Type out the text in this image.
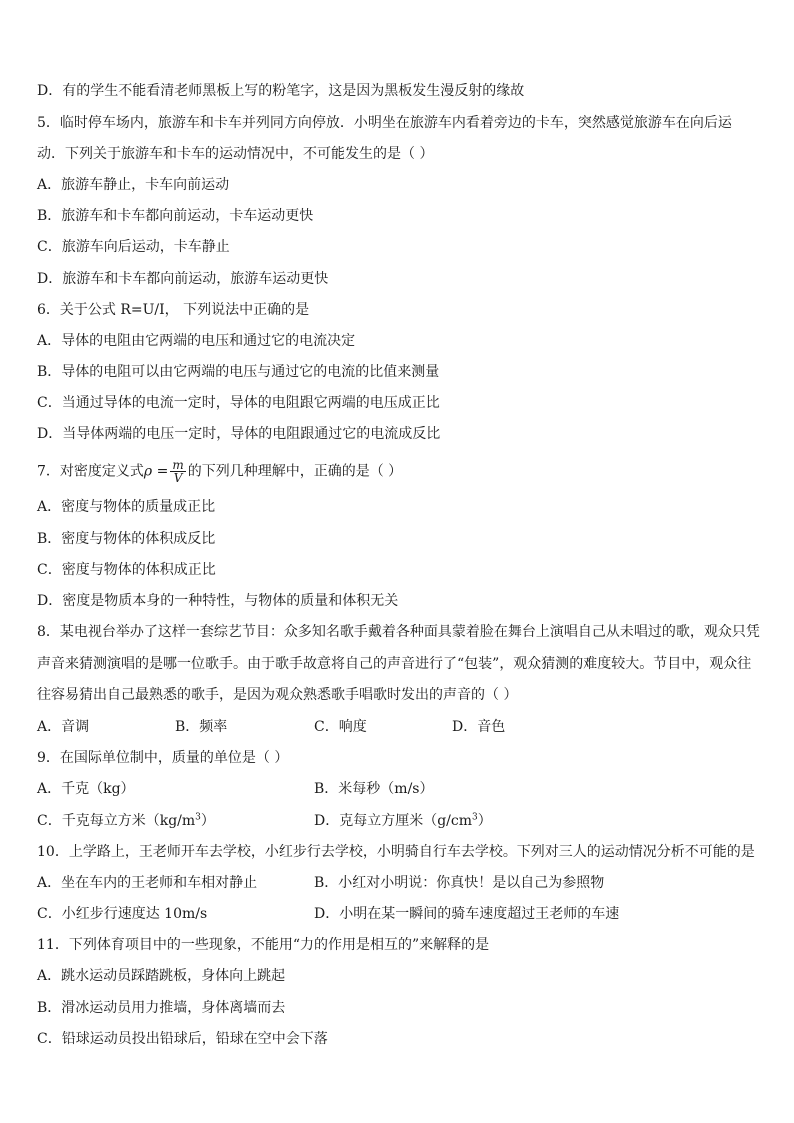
D．有的学生不能看清老师黑板上写的粉笔字，这是因为黑板发生漫反射的缘故
5．临时停车场内，旅游车和卡车并列同方向停放．小明坐在旅游车内看着旁边的卡车，突然感觉旅游车在向后运
动．下列关于旅游车和卡车的运动情况中，不可能发生的是（ ）
A．旅游车静止，卡车向前运动
B．旅游车和卡车都向前运动，卡车运动更快
C．旅游车向后运动，卡车静止
D．旅游车和卡车都向前运动，旅游车运动更快
6．关于公式 R=U/I， 下列说法中正确的是
A．导体的电阻由它两端的电压和通过它的电流决定
B．导体的电阻可以由它两端的电压与通过它的电流的比值来测量
C．当通过导体的电流一定时，导体的电阻跟它两端的电压成正比
D．当导体两端的电压一定时，导体的电阻跟通过它的电流成反比
7．对密度定义式$\rho = \frac{m}{V}$ 的下列几种理解中，正确的是（ ）
A．密度与物体的质量成正比
B．密度与物体的体积成反比
C．密度与物体的体积成正比
D．密度是物质本身的一种特性，与物体的质量和体积无关
8．某电视台举办了这样一套综艺节目：众多知名歌手戴着各种面具蒙着脸在舞台上演唱自己从未唱过的歌，观众只凭
声音来猜测演唱的是哪一位歌手。由于歌手故意将自己的声音进行了“包装”，观众猜测的难度较大。节目中，观众往
往容易猜出自己最熟悉的歌手，是因为观众熟悉歌手唱歌时发出的声音的（ ）
A．音调	B．频率	C．响度	D．音色
9．在国际单位制中，质量的单位是（ ）
A．千克（kg）	B．米每秒（m/s）
C．千克每立方米$(kg/m^3)$	D．克每立方厘米$(g/cm^3)$
10．上学路上，王老师开车去学校，小红步行去学校，小明骑自行车去学校。下列对三人的运动情况分析不可能的是
A．坐在车内的王老师和车相对静止	B．小红对小明说：你真快！是以自己为参照物
C．小红步行速度达 10m/s	D．小明在某一瞬间的骑车速度超过王老师的车速
11．下列体育项目中的一些现象，不能用“力的作用是相互的”来解释的是
A．跳水运动员踩踏跳板，身体向上跳起
B．滑冰运动员用力推墙，身体离墙而去
C．铅球运动员投出铅球后，铅球在空中会下落
